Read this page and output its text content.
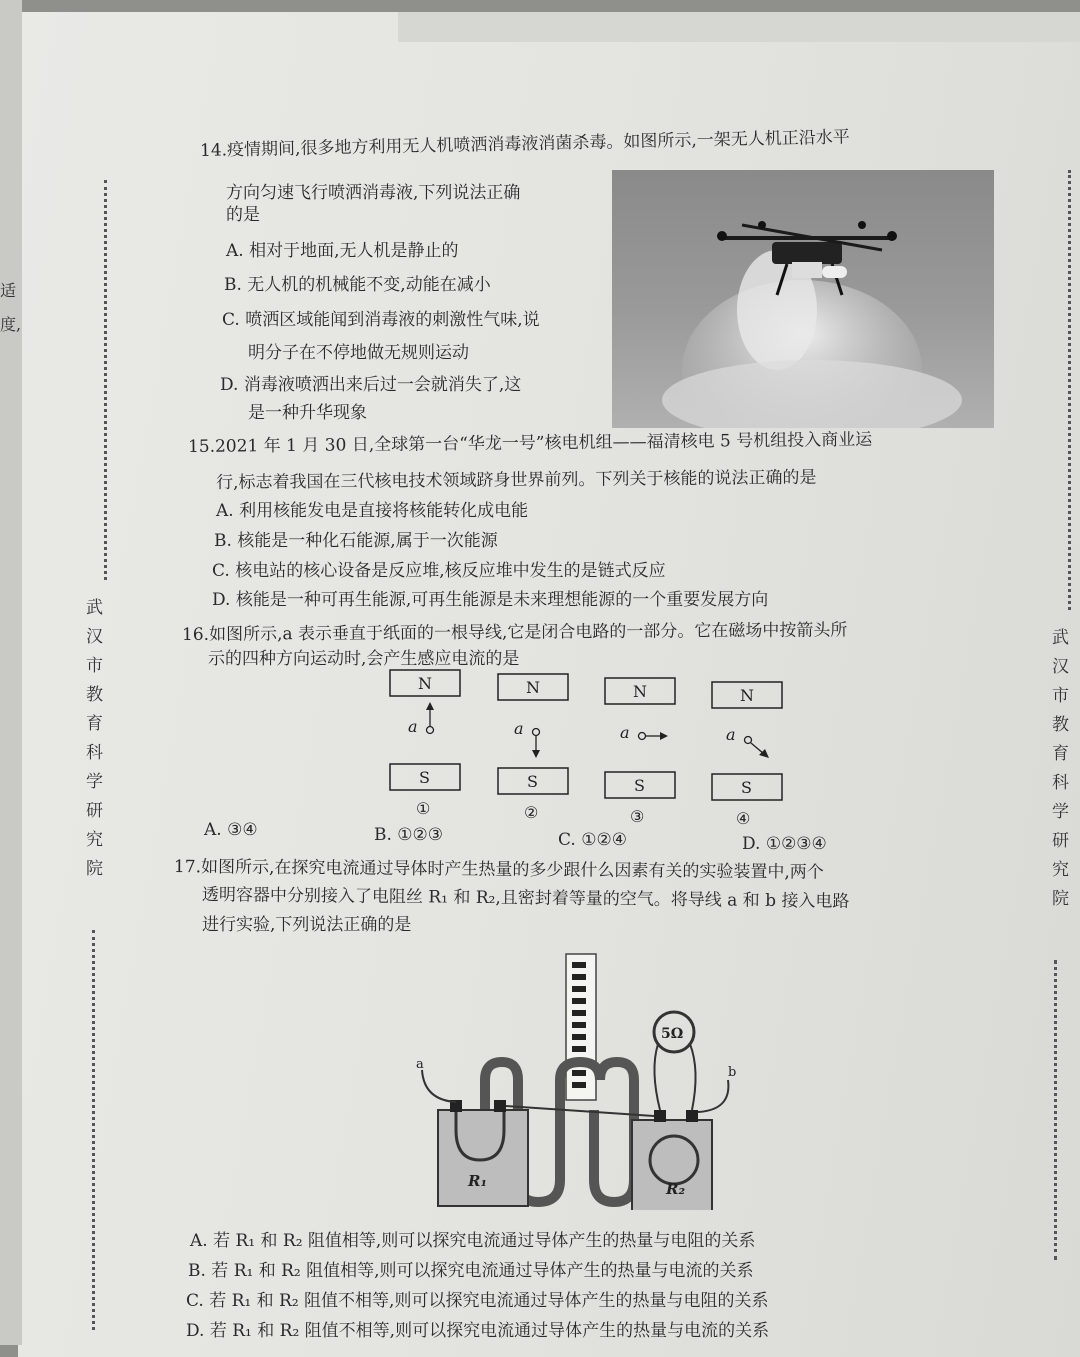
适
度,
武汉市教育科学研究院	武汉市教育科学研究院
14.疫情期间,很多地方利用无人机喷洒消毒液消菌杀毒。如图所示,一架无人机正沿水平
方向匀速飞行喷洒消毒液,下列说法正确
的是
A. 相对于地面,无人机是静止的
B. 无人机的机械能不变,动能在减小
C. 喷洒区域能闻到消毒液的刺激性气味,说
明分子在不停地做无规则运动
D. 消毒液喷洒出来后过一会就消失了,这
是一种升华现象
15.2021 年 1 月 30 日,全球第一台“华龙一号”核电机组——福清核电 5 号机组投入商业运
行,标志着我国在三代核电技术领域跻身世界前列。下列关于核能的说法正确的是
A. 利用核能发电是直接将核能转化成电能
B. 核能是一种化石能源,属于一次能源
C. 核电站的核心设备是反应堆,核反应堆中发生的是链式反应
D. 核能是一种可再生能源,可再生能源是未来理想能源的一个重要发展方向
16.如图所示,a 表示垂直于纸面的一根导线,它是闭合电路的一部分。它在磁场中按箭头所
示的四种方向运动时,会产生感应电流的是
N	N	N	N
S	S	S	S
a	a	a	a
①	②	③	④
A. ③④	B. ①②③	C. ①②④	D. ①②③④
17.如图所示,在探究电流通过导体时产生热量的多少跟什么因素有关的实验装置中,两个
透明容器中分别接入了电阻丝 R₁ 和 R₂,且密封着等量的空气。将导线 a 和 b 接入电路
进行实验,下列说法正确的是
R₁	R₂
5Ω
a
b
A. 若 R₁ 和 R₂ 阻值相等,则可以探究电流通过导体产生的热量与电阻的关系
B. 若 R₁ 和 R₂ 阻值相等,则可以探究电流通过导体产生的热量与电流的关系
C. 若 R₁ 和 R₂ 阻值不相等,则可以探究电流通过导体产生的热量与电阻的关系
D. 若 R₁ 和 R₂ 阻值不相等,则可以探究电流通过导体产生的热量与电流的关系
